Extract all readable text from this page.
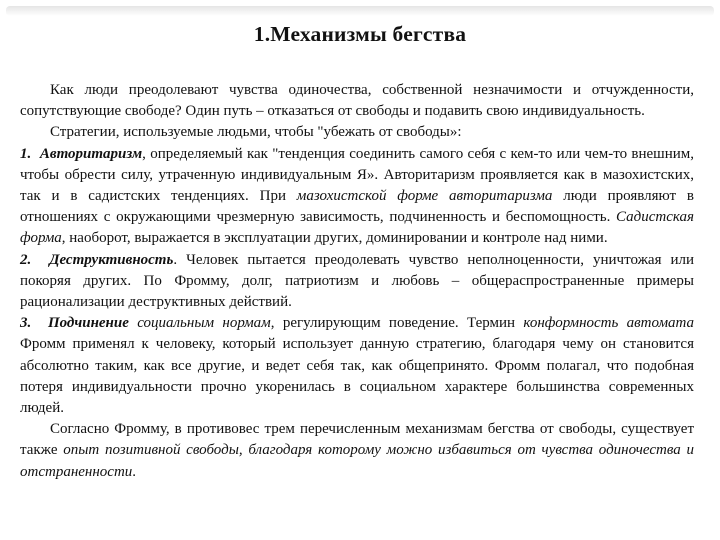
1.Механизмы бегства

Как люди преодолевают чувства одиночества, собственной незначимости и отчужденности, сопутствующие свободе? Один путь – отказаться от свободы и подавить свою индивидуальность.

Стратегии, используемые людьми, чтобы "убежать от свободы»:

1. Авторитаризм, определяемый как "тенденция соединить самого себя с кем-то или чем-то внешним, чтобы обрести силу, утраченную индивидуальным Я». Авторитаризм проявляется как в мазохистских, так и в садистских тенденциях. При мазохистской форме авторитаризма люди проявляют в отношениях с окружающими чрезмерную зависимость, подчиненность и беспомощность. Садистская форма, наоборот, выражается в эксплуатации других, доминировании и контроле над ними.

2. Деструктивность. Человек пытается преодолевать чувство неполноценности, уничтожая или покоряя других. По Фромму, долг, патриотизм и любовь – общераспространенные примеры рационализации деструктивных действий.

3. Подчинение социальным нормам, регулирующим поведение. Термин конформность автомата Фромм применял к человеку, который использует данную стратегию, благодаря чему он становится абсолютно таким, как все другие, и ведет себя так, как общепринято. Фромм полагал, что подобная потеря индивидуальности прочно укоренилась в социальном характере большинства современных людей.

Согласно Фромму, в противовес трем перечисленным механизмам бегства от свободы, существует также опыт позитивной свободы, благодаря которому можно избавиться от чувства одиночества и отстраненности.
